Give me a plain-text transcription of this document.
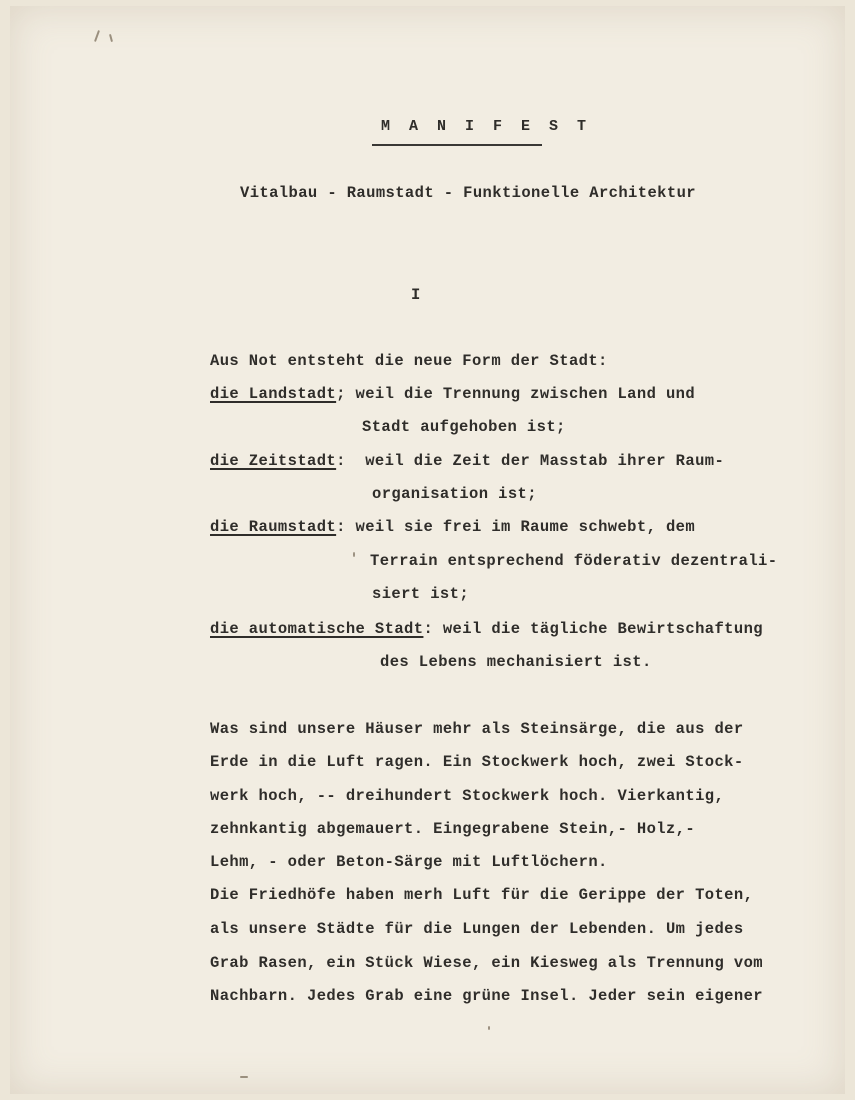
M A N I F E S T
Vitalbau - Raumstadt - Funktionelle Architektur
I
Aus Not entsteht die neue Form der Stadt:
die Landstadt; weil die Trennung zwischen Land und
Stadt aufgehoben ist;
die Zeitstadt: weil die Zeit der Masstab ihrer Raum-
organisation ist;
die Raumstadt: weil sie frei im Raume schwebt, dem
Terrain entsprechend föderativ dezentrali-
siert ist;
die automatische Stadt: weil die tägliche Bewirtschaftung
des Lebens mechanisiert ist.
Was sind unsere Häuser mehr als Steinsärge, die aus der
Erde in die Luft ragen. Ein Stockwerk hoch, zwei Stock-
werk hoch, -- dreihundert Stockwerk hoch. Vierkantig,
zehnkantig abgemauert. Eingegrabene Stein,- Holz,-
Lehm, - oder Beton-Särge mit Luftlöchern.
Die Friedhöfe haben merh Luft für die Gerippe der Toten,
als unsere Städte für die Lungen der Lebenden. Um jedes
Grab Rasen, ein Stück Wiese, ein Kiesweg als Trennung vom
Nachbarn. Jedes Grab eine grüne Insel. Jeder sein eigener
